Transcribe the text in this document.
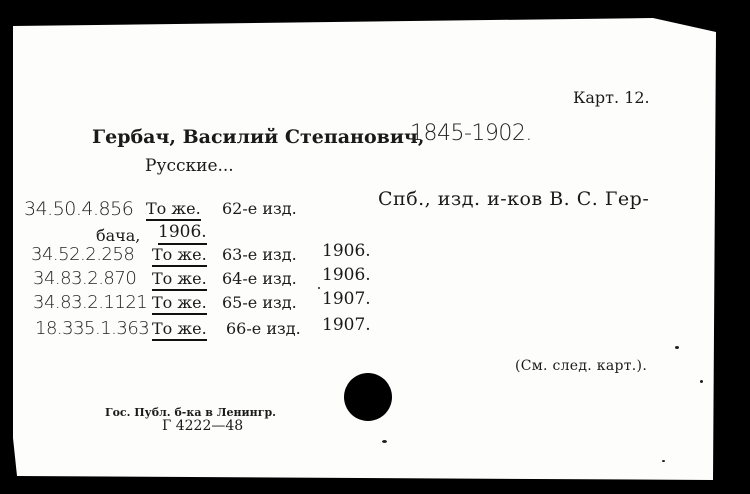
Карт. 12.
Гербач, Василий Степанович,
1845-1902.
Русские...
Спб., изд. и-ков В. С. Гер-
34.50.4.856 То же. 62-е изд.
бача, 1906.
34.52.2.258 То же. 63-е изд. 1906.
34.83.2.870 То же. 64-е изд. 1906.
34.83.2.1121 То же. 65-е изд. 1907.
18.335.1.363 То же. 66-е изд. 1907.
(См. след. карт.).
Гос. Публ. б-ка в Ленингр.
Г 4222—48
